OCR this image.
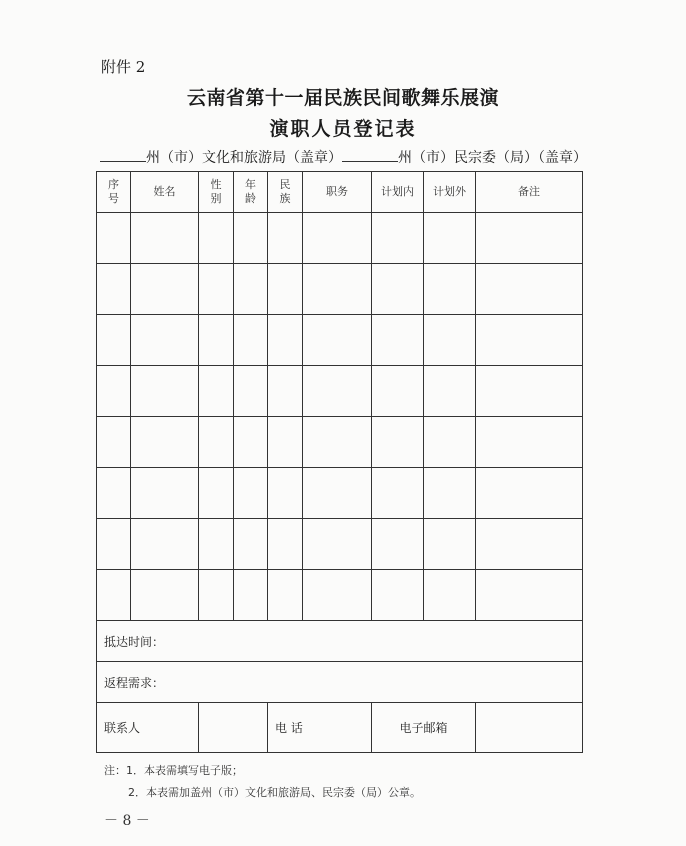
附件 2
云南省第十一届民族民间歌舞乐展演
演职人员登记表
州（市）文化和旅游局（盖章）	州（市）民宗委（局）（盖章）
序号	姓名	性别	年龄	民族	职务	计划内	计划外	备注

抵达时间：								
返程需求：								
联系人				电 话		电子邮箱		
注：1．本表需填写电子版；
2．本表需加盖州（市）文化和旅游局、民宗委（局）公章。
－ 8 －
